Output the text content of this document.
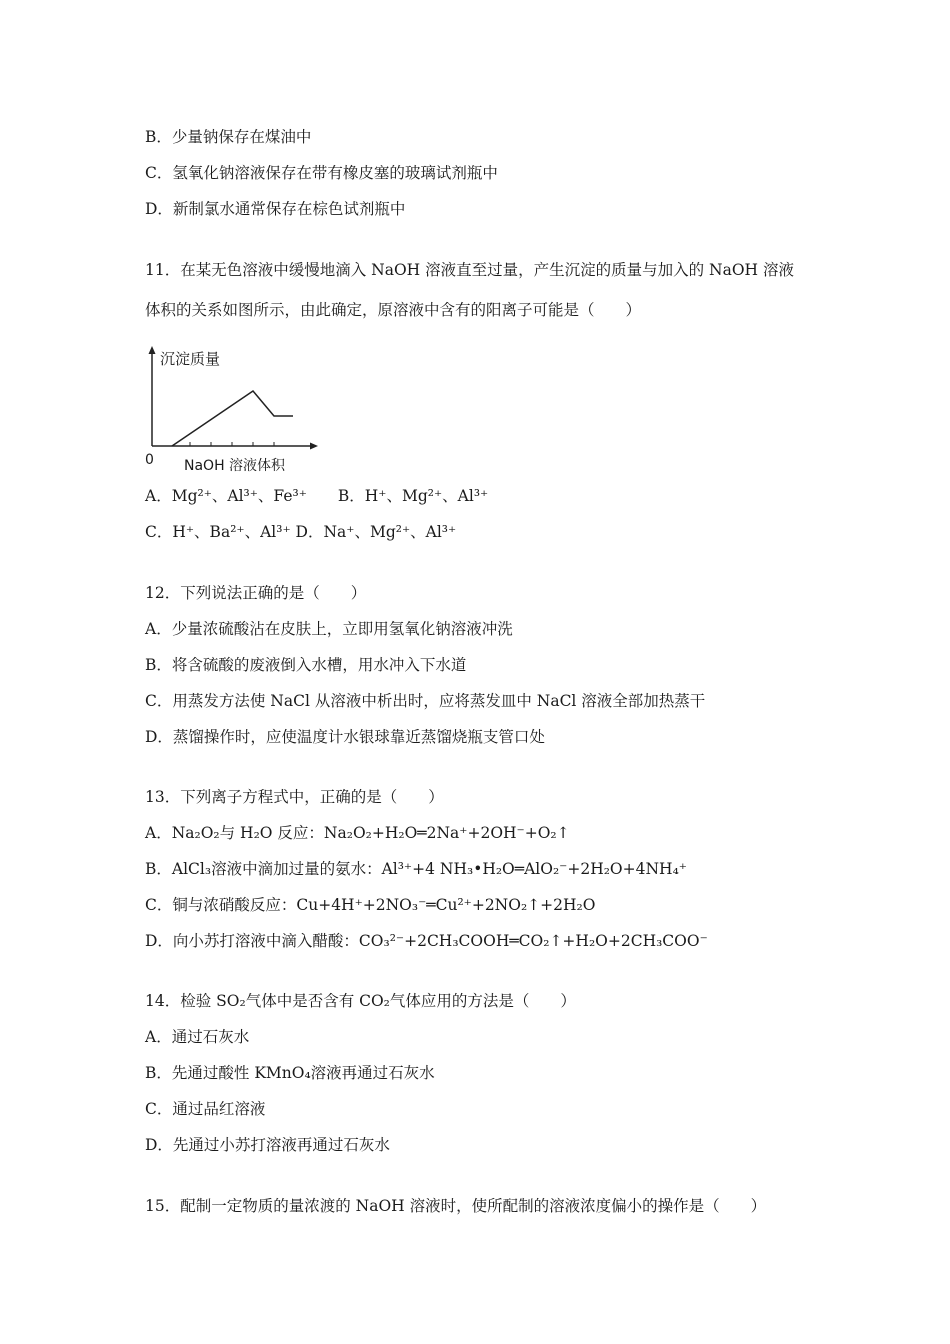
B．少量钠保存在煤油中
C．氢氧化钠溶液保存在带有橡皮塞的玻璃试剂瓶中
D．新制氯水通常保存在棕色试剂瓶中
11．在某无色溶液中缓慢地滴入 NaOH 溶液直至过量，产生沉淀的质量与加入的 NaOH 溶液
体积的关系如图所示，由此确定，原溶液中含有的阳离子可能是（　　）
沉淀质量
0 NaOH 溶液体积
A．Mg²⁺、Al³⁺、Fe³⁺　　B．H⁺、Mg²⁺、Al³⁺
C．H⁺、Ba²⁺、Al³⁺ D．Na⁺、Mg²⁺、Al³⁺
12．下列说法正确的是（　　）
A．少量浓硫酸沾在皮肤上，立即用氢氧化钠溶液冲洗
B．将含硫酸的废液倒入水槽，用水冲入下水道
C．用蒸发方法使 NaCl 从溶液中析出时，应将蒸发皿中 NaCl 溶液全部加热蒸干
D．蒸馏操作时，应使温度计水银球靠近蒸馏烧瓶支管口处
13．下列离子方程式中，正确的是（　　）
A．Na₂O₂与 H₂O 反应：Na₂O₂+H₂O═2Na⁺+2OH⁻+O₂↑
B．AlCl₃溶液中滴加过量的氨水：Al³⁺+4 NH₃•H₂O═AlO₂⁻+2H₂O+4NH₄⁺
C．铜与浓硝酸反应：Cu+4H⁺+2NO₃⁻═Cu²⁺+2NO₂↑+2H₂O
D．向小苏打溶液中滴入醋酸：CO₃²⁻+2CH₃COOH═CO₂↑+H₂O+2CH₃COO⁻
14．检验 SO₂气体中是否含有 CO₂气体应用的方法是（　　）
A．通过石灰水
B．先通过酸性 KMnO₄溶液再通过石灰水
C．通过品红溶液
D．先通过小苏打溶液再通过石灰水
15．配制一定物质的量浓渡的 NaOH 溶液时，使所配制的溶液浓度偏小的操作是（　　）
